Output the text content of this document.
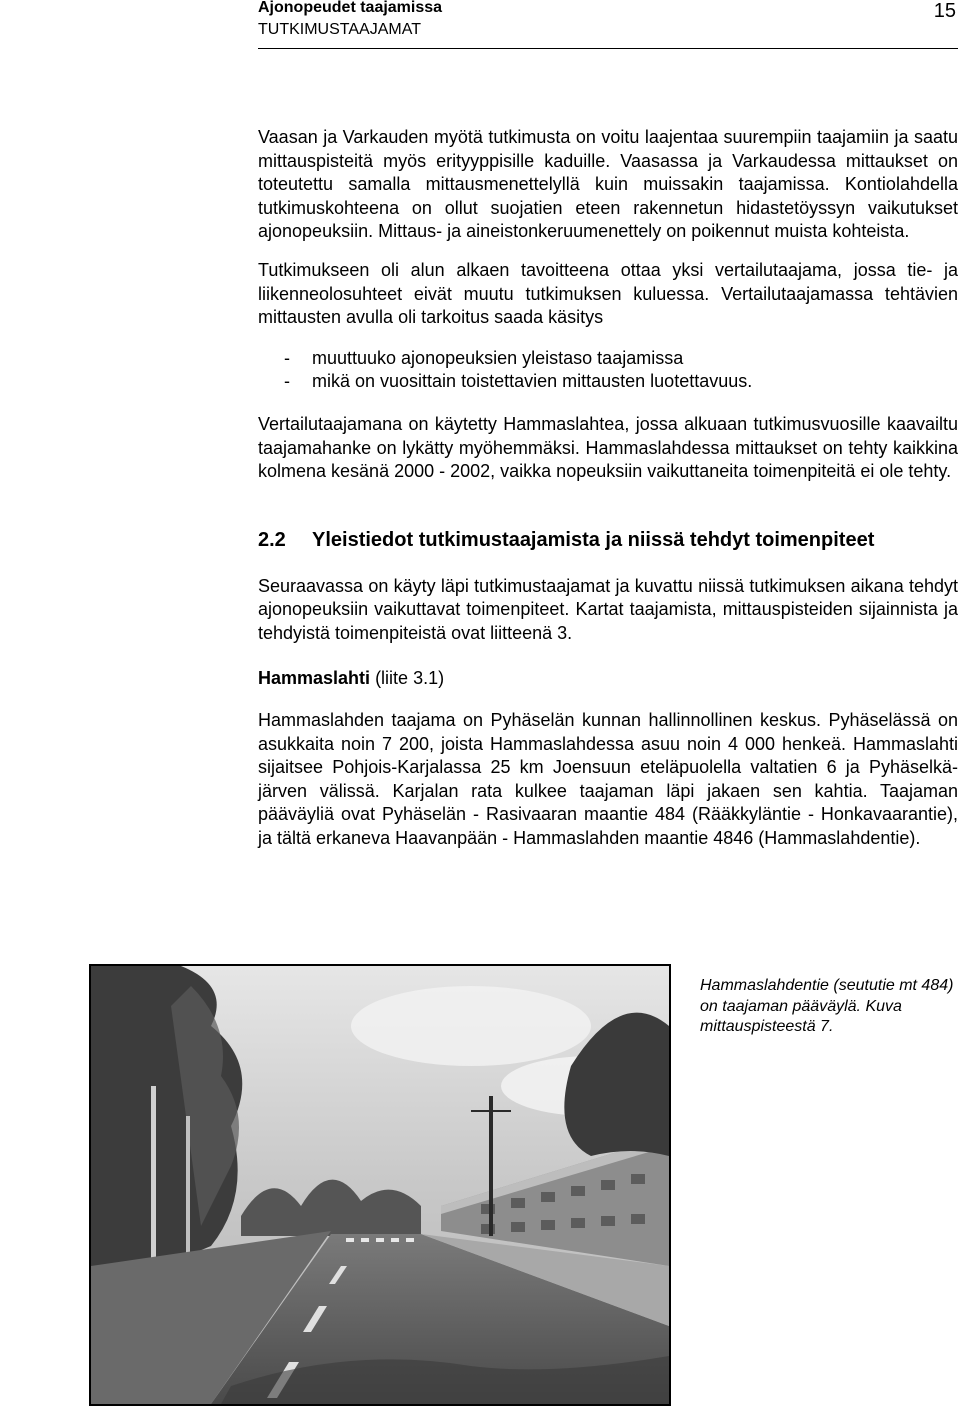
Ajonopeudet taajamissa
TUTKIMUSTAAJAMAT
15

Vaasan ja Varkauden myötä tutkimusta on voitu laajentaa suurempiin taajamiin ja saatu mittauspisteitä myös erityyppisille kaduille. Vaasassa ja Varkaudessa mittaukset on toteutettu samalla mittausmenettelyllä kuin muissakin taajamissa. Kontiolahdella tutkimuskohteena on ollut suojatien eteen rakennetun hidastetöyssyn vaikutukset ajonopeuksiin. Mittaus- ja aineistonkeruumenettely on poikennut muista kohteista.

Tutkimukseen oli alun alkaen tavoitteena ottaa yksi vertailutaajama, jossa tie- ja liikenneolosuhteet eivät muutu tutkimuksen kuluessa. Vertailutaajamassa tehtävien mittausten avulla oli tarkoitus saada käsitys

- muuttuuko ajonopeuksien yleistaso taajamissa
- mikä on vuosittain toistettavien mittausten luotettavuus.

Vertailutaajamana on käytetty Hammaslahtea, jossa alkuaan tutkimusvuosille kaavailtu taajamahanke on lykätty myöhemmäksi. Hammaslahdessa mittaukset on tehty kaikkina kolmena kesänä 2000 - 2002, vaikka nopeuksiin vaikuttaneita toimenpiteitä ei ole tehty.

2.2 Yleistiedot tutkimustaajamista ja niissä tehdyt toimenpiteet

Seuraavassa on käyty läpi tutkimustaajamat ja kuvattu niissä tutkimuksen aikana tehdyt ajonopeuksiin vaikuttavat toimenpiteet. Kartat taajamista, mittauspisteiden sijainnista ja tehdyistä toimenpiteistä ovat liitteenä 3.

Hammaslahti (liite 3.1)

Hammaslahden taajama on Pyhäselän kunnan hallinnollinen keskus. Pyhäselässä on asukkaita noin 7 200, joista Hammaslahdessa asuu noin 4 000 henkeä. Hammaslahti sijaitsee Pohjois-Karjalassa 25 km Joensuun eteläpuolella valtatien 6 ja Pyhäselkä-järven välissä. Karjalan rata kulkee taajaman läpi jakaen sen kahtia. Taajaman pääväyliä ovat Pyhäselän - Rasivaaran maantie 484 (Rääkkyläntie - Honkavaarantie), ja tältä erkaneva Haavanpään - Hammaslahden maantie 4846 (Hammaslahdentie).

Hammaslahdentie (seututie mt 484) on taajaman pääväylä. Kuva mittauspisteestä 7.
